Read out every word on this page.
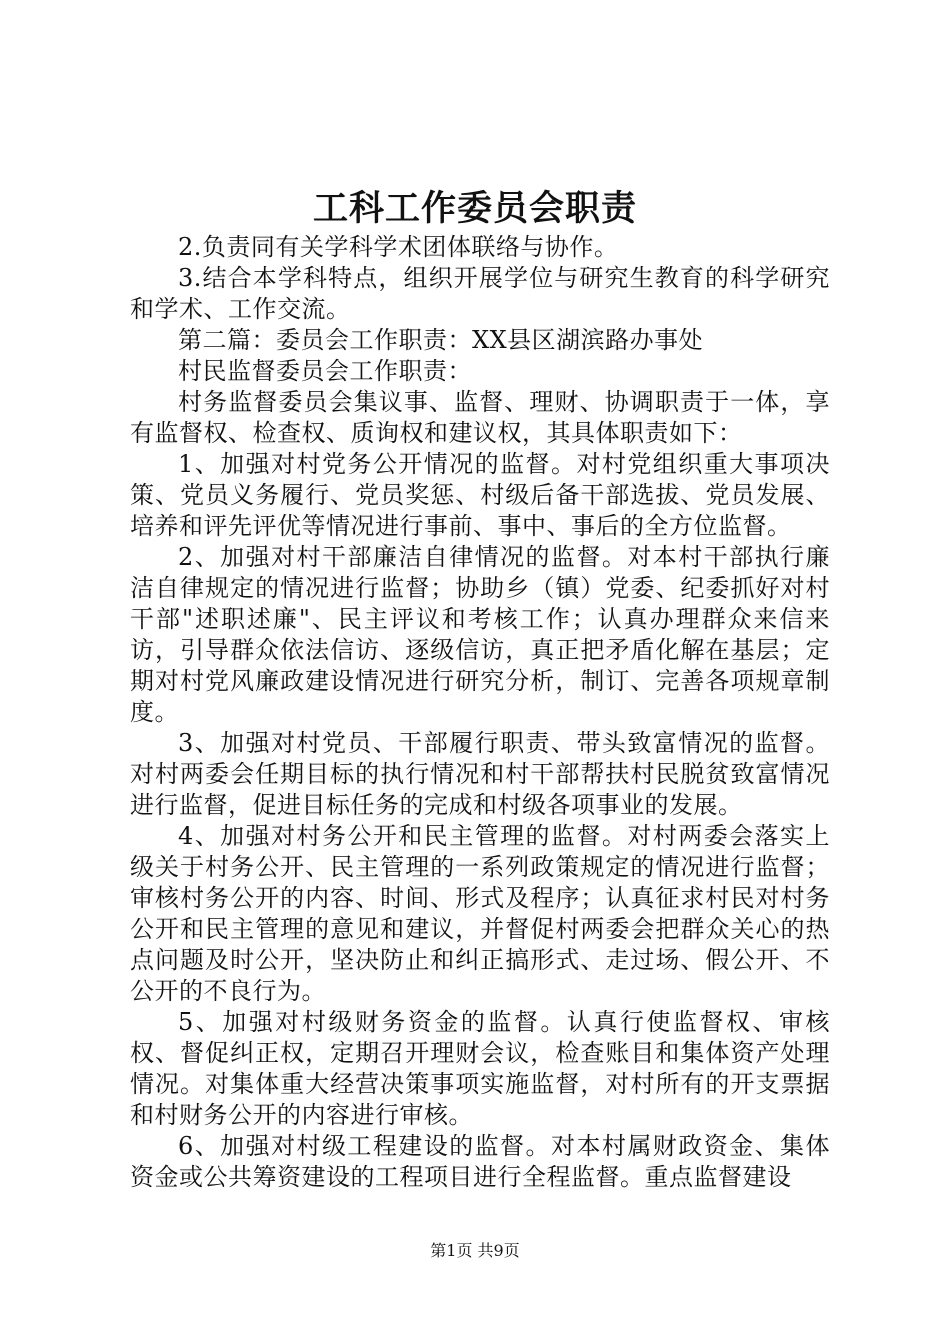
工科工作委员会职责

2.负责同有关学科学术团体联络与协作。

3.结合本学科特点，组织开展学位与研究生教育的科学研究和学术、工作交流。

第二篇：委员会工作职责：XX县区湖滨路办事处

村民监督委员会工作职责：

村务监督委员会集议事、监督、理财、协调职责于一体，享有监督权、检查权、质询权和建议权，其具体职责如下：

1、加强对村党务公开情况的监督。对村党组织重大事项决策、党员义务履行、党员奖惩、村级后备干部选拔、党员发展、培养和评先评优等情况进行事前、事中、事后的全方位监督。

2、加强对村干部廉洁自律情况的监督。对本村干部执行廉洁自律规定的情况进行监督；协助乡（镇）党委、纪委抓好对村干部"述职述廉"、民主评议和考核工作；认真办理群众来信来访，引导群众依法信访、逐级信访，真正把矛盾化解在基层；定期对村党风廉政建设情况进行研究分析，制订、完善各项规章制度。

3、加强对村党员、干部履行职责、带头致富情况的监督。对村两委会任期目标的执行情况和村干部帮扶村民脱贫致富情况进行监督，促进目标任务的完成和村级各项事业的发展。

4、加强对村务公开和民主管理的监督。对村两委会落实上级关于村务公开、民主管理的一系列政策规定的情况进行监督；审核村务公开的内容、时间、形式及程序；认真征求村民对村务公开和民主管理的意见和建议，并督促村两委会把群众关心的热点问题及时公开，坚决防止和纠正搞形式、走过场、假公开、不公开的不良行为。

5、加强对村级财务资金的监督。认真行使监督权、审核权、督促纠正权，定期召开理财会议，检查账目和集体资产处理情况。对集体重大经营决策事项实施监督，对村所有的开支票据和村财务公开的内容进行审核。

6、加强对村级工程建设的监督。对本村属财政资金、集体资金或公共筹资建设的工程项目进行全程监督。重点监督建设

第1页 共9页
